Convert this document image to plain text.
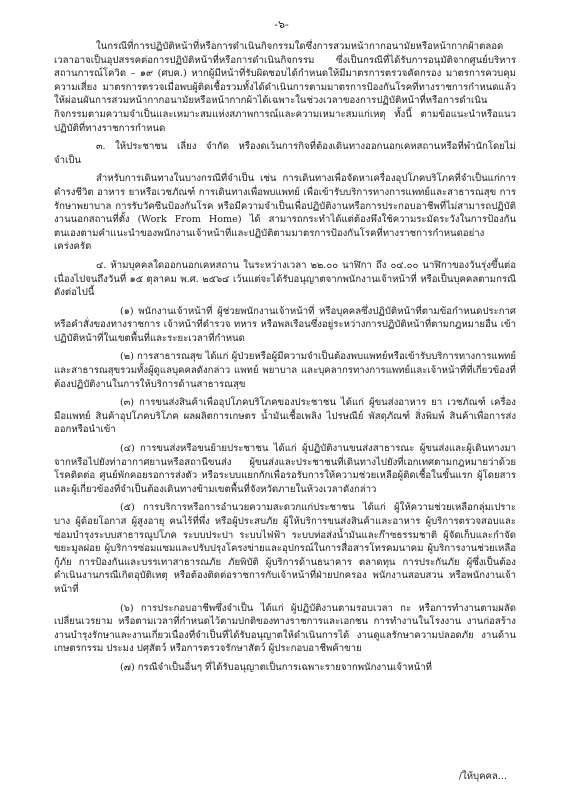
-๖-

ในกรณีที่การปฏิบัติหน้าที่หรือการดำเนินกิจกรรมใดซึ่งการสวมหน้ากากอนามัยหรือหน้ากากผ้าตลอดเวลาอาจเป็นอุปสรรคต่อการปฏิบัติหน้าที่หรือการดำเนินกิจกรรม ซึ่งเป็นกรณีที่ได้รับการอนุมัติจากศูนย์บริหารสถานการณ์โควิด – ๑๙ (ศบค.) หากผู้มีหน้าที่รับผิดชอบได้กำหนดให้มีมาตรการตรวจคัดกรอง มาตรการควบคุมความเสี่ยง มาตรการตรวจเมื่อพบผู้ติดเชื้อรวมทั้งได้ดำเนินการตามมาตรการป้องกันโรคที่ทางราชการกำหนดแล้ว ให้ผ่อนผันการสวมหน้ากากอนามัยหรือหน้ากากผ้าได้เฉพาะในช่วงเวลาของการปฏิบัติหน้าที่หรือการดำเนินกิจกรรมตามความจำเป็นและเหมาะสมแห่งสภาพการณ์และความเหมาะสมแก่เหตุ ทั้งนี้ ตามข้อแนะนำหรือแนวปฏิบัติที่ทางราชการกำหนด

๓. ให้ประชาชน เลี่ยง จำกัด หรืองดเว้นการกิจที่ต้องเดินทางออกนอกเคหสถานหรือที่พำนักโดยไม่จำเป็น

สำหรับการเดินทางในบางกรณีที่จำเป็น เช่น การเดินทางเพื่อจัดหาเครื่องอุปโภคบริโภคที่จำเป็นแก่การดำรงชีวิต อาหาร ยาหรือเวชภัณฑ์ การเดินทางเพื่อพบแพทย์ เพื่อเข้ารับบริการทางการแพทย์และสาธารณสุข การรักษาพยาบาล การรับวัคซีนป้องกันโรค หรือมีความจำเป็นเพื่อปฏิบัติงานหรือการประกอบอาชีพที่ไม่สามารถปฏิบัติงานนอกสถานที่ตั้ง (Work From Home) ได้ สามารถกระทำได้แต่ต้องพึงใช้ความระมัดระวังในการป้องกันตนเองตามคำแนะนำของพนักงานเจ้าหน้าที่และปฏิบัติตามมาตรการป้องกันโรคที่ทางราชการกำหนดอย่างเคร่งครัด

๔. ห้ามบุคคลใดออกนอกเคหสถาน ในระหว่างเวลา ๒๒.๐๐ นาฬิกา ถึง ๐๔.๐๐ นาฬิกาของวันรุ่งขึ้นต่อเนื่องไปจนถึงวันที่ ๑๕ ตุลาคม พ.ศ. ๒๕๖๔ เว้นแต่จะได้รับอนุญาตจากพนักงานเจ้าหน้าที่ หรือเป็นบุคคลตามกรณีดังต่อไปนี้

(๑) พนักงานเจ้าหน้าที่ ผู้ช่วยพนักงานเจ้าหน้าที่ หรือบุคคลซึ่งปฏิบัติหน้าที่ตามข้อกำหนดประกาศ หรือคำสั่งของทางราชการ เจ้าหน้าที่ตำรวจ ทหาร หรือพลเรือนซึ่งอยู่ระหว่างการปฏิบัติหน้าที่ตามกฎหมายอื่น เข้าปฏิบัติหน้าที่ในเขตพื้นที่และระยะเวลาที่กำหนด

(๒) การสาธารณสุข ได้แก่ ผู้ป่วยหรือผู้มีความจำเป็นต้องพบแพทย์หรือเข้ารับบริการทางการแพทย์และสาธารณสุขรวมทั้งผู้ดูแลบุคคลดังกล่าว แพทย์ พยาบาล และบุคลากรทางการแพทย์และเจ้าหน้าที่ที่เกี่ยวข้องที่ต้องปฏิบัติงานในการให้บริการด้านสาธารณสุข

(๓) การขนส่งสินค้าเพื่ออุปโภคบริโภคของประชาชน ได้แก่ ผู้ขนส่งอาหาร ยา เวชภัณฑ์ เครื่องมือแพทย์ สินค้าอุปโภคบริโภค ผลผลิตการเกษตร น้ำมันเชื้อเพลิง ไปรษณีย์ พัสดุภัณฑ์ สิ่งพิมพ์ สินค้าเพื่อการส่งออกหรือนำเข้า

(๔) การขนส่งหรือขนย้ายประชาชน ได้แก่ ผู้ปฏิบัติงานขนส่งสาธารณะ ผู้ขนส่งและผู้เดินทางมาจากหรือไปยังท่าอากาศยานหรือสถานีขนส่ง ผู้ขนส่งและประชาชนที่เดินทางไปยังที่เอกเทศตามกฎหมายว่าด้วยโรคติดต่อ ศูนย์พักคอยรอการส่งตัว หรือระบบแยกกักเพื่อรอรับการให้ความช่วยเหลือผู้ติดเชื้อในขั้นแรก ผู้โดยสารและผู้เกี่ยวข้องที่จำเป็นต้องเดินทางข้ามเขตพื้นที่จังหวัดภายในห้วงเวลาดังกล่าว

(๕) การบริการหรือการอำนวยความสะดวกแก่ประชาชน ได้แก่ ผู้ให้ความช่วยเหลือกลุ่มเปราะบาง ผู้ด้อยโอกาส ผู้สูงอายุ คนไร้ที่พึ่ง หรือผู้ประสบภัย ผู้ให้บริการขนส่งสินค้าและอาหาร ผู้บริการตรวจสอบและซ่อมบำรุงระบบสาธารณูปโภค ระบบประปา ระบบไฟฟ้า ระบบท่อส่งน้ำมันและก๊าซธรรมชาติ ผู้จัดเก็บและกำจัดขยะมูลฝอย ผู้บริการซ่อมแซมและปรับปรุงโครงข่ายและอุปกรณ์ในการสื่อสารโทรคมนาคม ผู้บริการงานช่วยเหลือกู้ภัย การป้องกันและบรรเทาสาธารณภัย ภัยพิบัติ ผู้บริการด้านธนาคาร ตลาดทุน การประกันภัย ผู้ซึ่งเป็นต้องดำเนินงานกรณีเกิดอุบัติเหตุ หรือต้องติดต่อราชการกับเจ้าหน้าที่ฝ่ายปกครอง พนักงานสอบสวน หรือพนักงานเจ้าหน้าที่

(๖) การประกอบอาชีพซึ่งจำเป็น ได้แก่ ผู้ปฏิบัติงานตามรอบเวลา กะ หรือการทำงานตามผลัดเปลี่ยนเวรยาม หรือตามเวลาที่กำหนดไว้ตามปกติของทางราชการและเอกชน การทำงานในโรงงาน งานก่อสร้าง งานบำรุงรักษาและงานเกี่ยวเนื่องที่จำเป็นที่ได้รับอนุญาตให้ดำเนินการได้ งานดูแลรักษาความปลอดภัย งานด้านเกษตรกรรม ประมง ปศุสัตว์ หรือการตรวจรักษาสัตว์ ผู้ประกอบอาชีพค้าขาย

(๗) กรณีจำเป็นอื่นๆ ที่ได้รับอนุญาตเป็นการเฉพาะรายจากพนักงานเจ้าหน้าที่

/ให้บุคคล...
